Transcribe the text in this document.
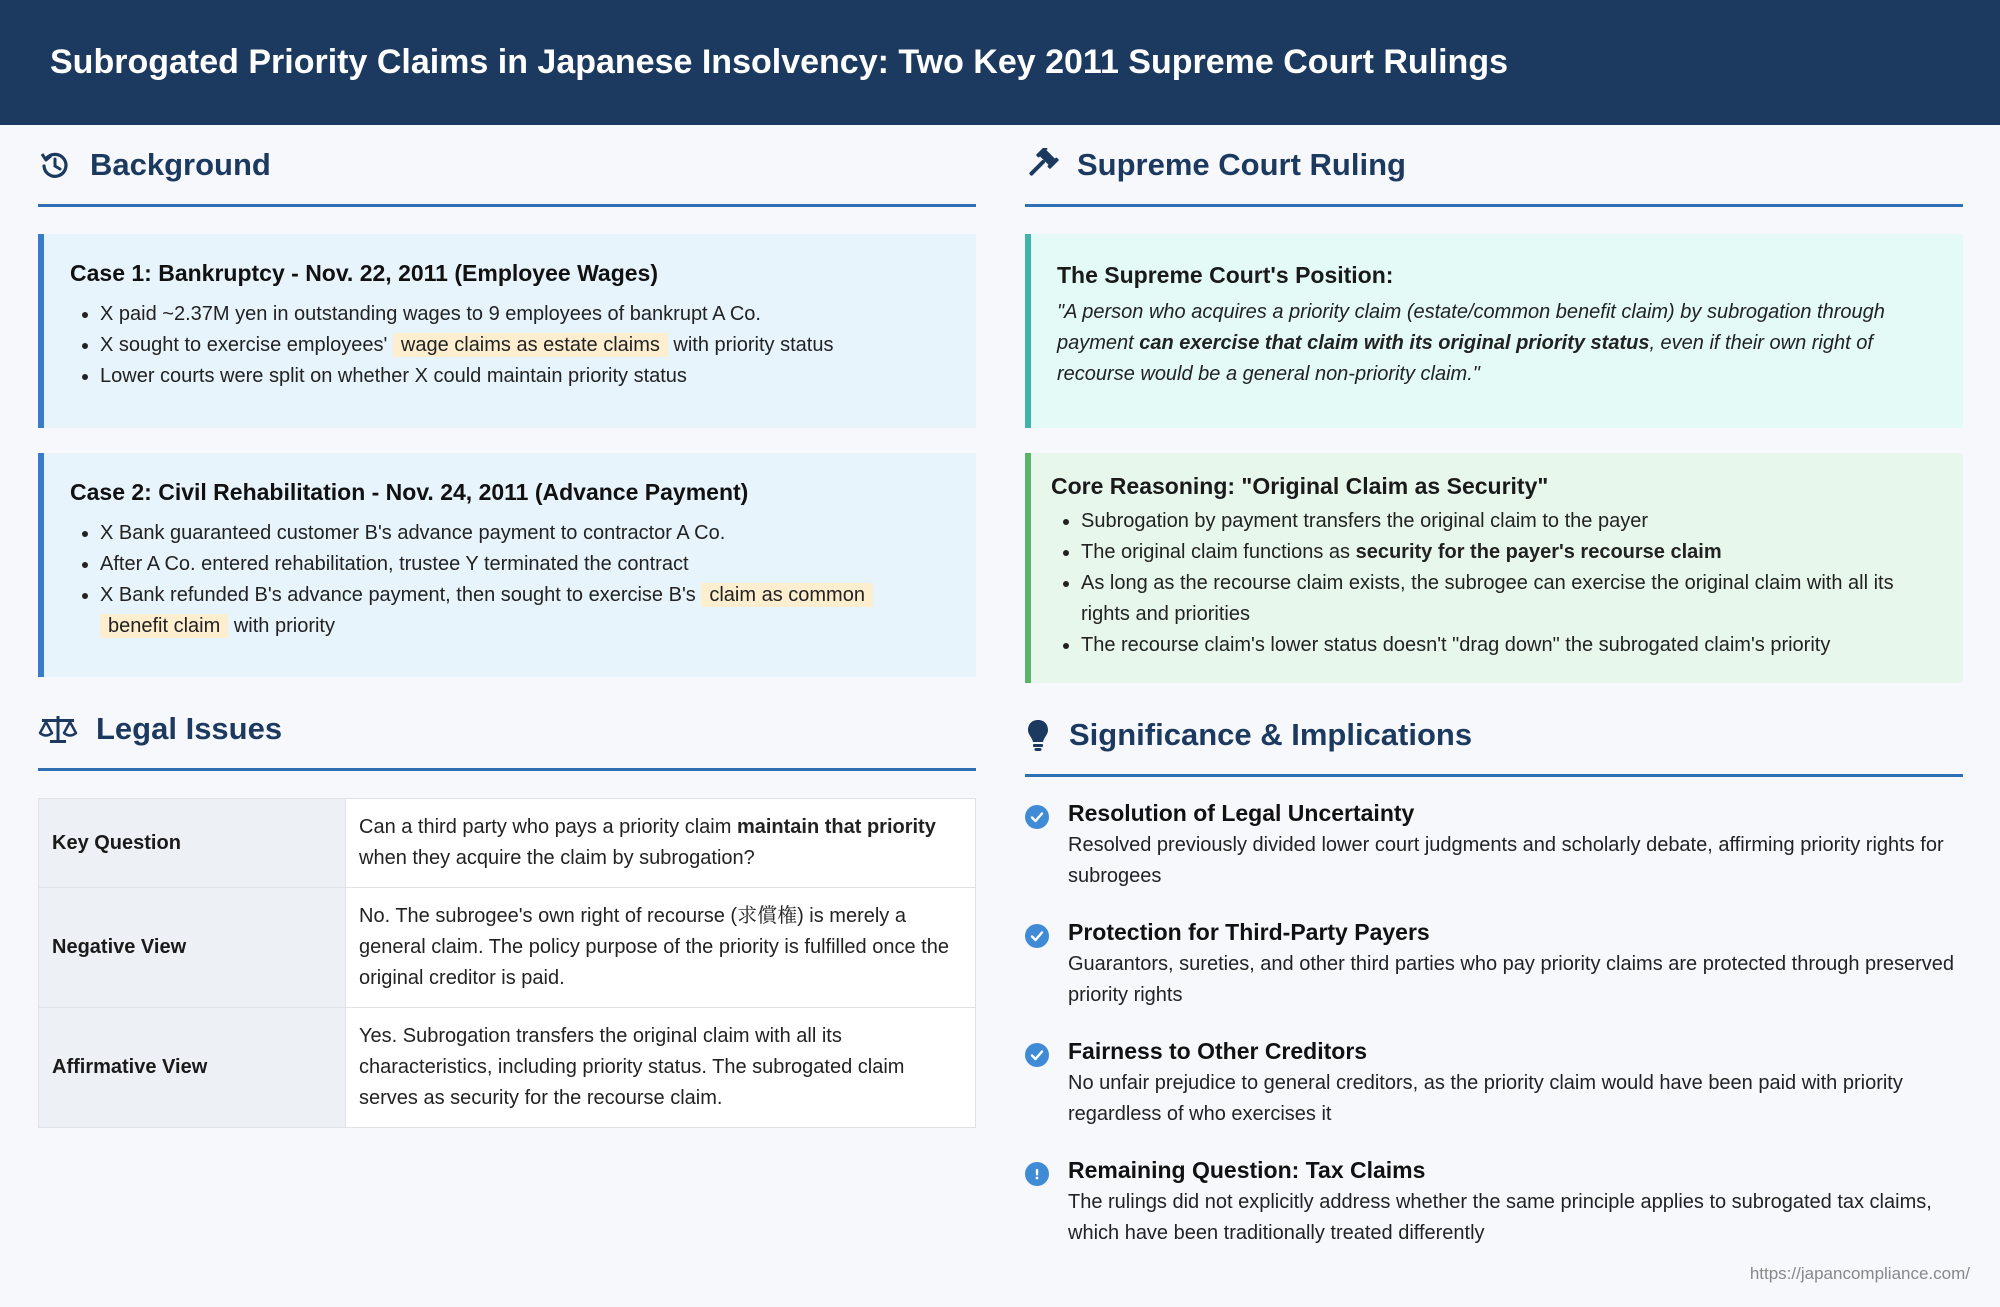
Subrogated Priority Claims in Japanese Insolvency: Two Key 2011 Supreme Court Rulings
Background
Case 1: Bankruptcy - Nov. 22, 2011 (Employee Wages)
• X paid ~2.37M yen in outstanding wages to 9 employees of bankrupt A Co.
• X sought to exercise employees' wage claims as estate claims with priority status
• Lower courts were split on whether X could maintain priority status
Case 2: Civil Rehabilitation - Nov. 24, 2011 (Advance Payment)
• X Bank guaranteed customer B's advance payment to contractor A Co.
• After A Co. entered rehabilitation, trustee Y terminated the contract
• X Bank refunded B's advance payment, then sought to exercise B's claim as common
benefit claim with priority
Legal Issues
Key Question	Can a third party who pays a priority claim maintain that priority when they acquire the claim by subrogation?
Negative View	No. The subrogee's own right of recourse (求償権) is merely a general claim. The policy purpose of the priority is fulfilled once the original creditor is paid.
Affirmative View	Yes. Subrogation transfers the original claim with all its characteristics, including priority status. The subrogated claim serves as security for the recourse claim.
Supreme Court Ruling
The Supreme Court's Position:

"A person who acquires a priority claim (estate/common benefit claim) by subrogation through payment can exercise that claim with its original priority status, even if their own right of recourse would be a general non-priority claim."

Core Reasoning: "Original Claim as Security"
• Subrogation by payment transfers the original claim to the payer
• The original claim functions as security for the payer's recourse claim
• As long as the recourse claim exists, the subrogee can exercise the original claim with all its rights and priorities
• The recourse claim's lower status doesn't "drag down" the subrogated claim's priority
Significance & Implications
Resolution of Legal Uncertainty

Resolved previously divided lower court judgments and scholarly debate, affirming priority rights for subrogees

Protection for Third-Party Payers

Guarantors, sureties, and other third parties who pay priority claims are protected through preserved priority rights

Fairness to Other Creditors

No unfair prejudice to general creditors, as the priority claim would have been paid with priority regardless of who exercises it

Remaining Question: Tax Claims

The rulings did not explicitly address whether the same principle applies to subrogated tax claims, which have been traditionally treated differently

https://japancompliance.com/
